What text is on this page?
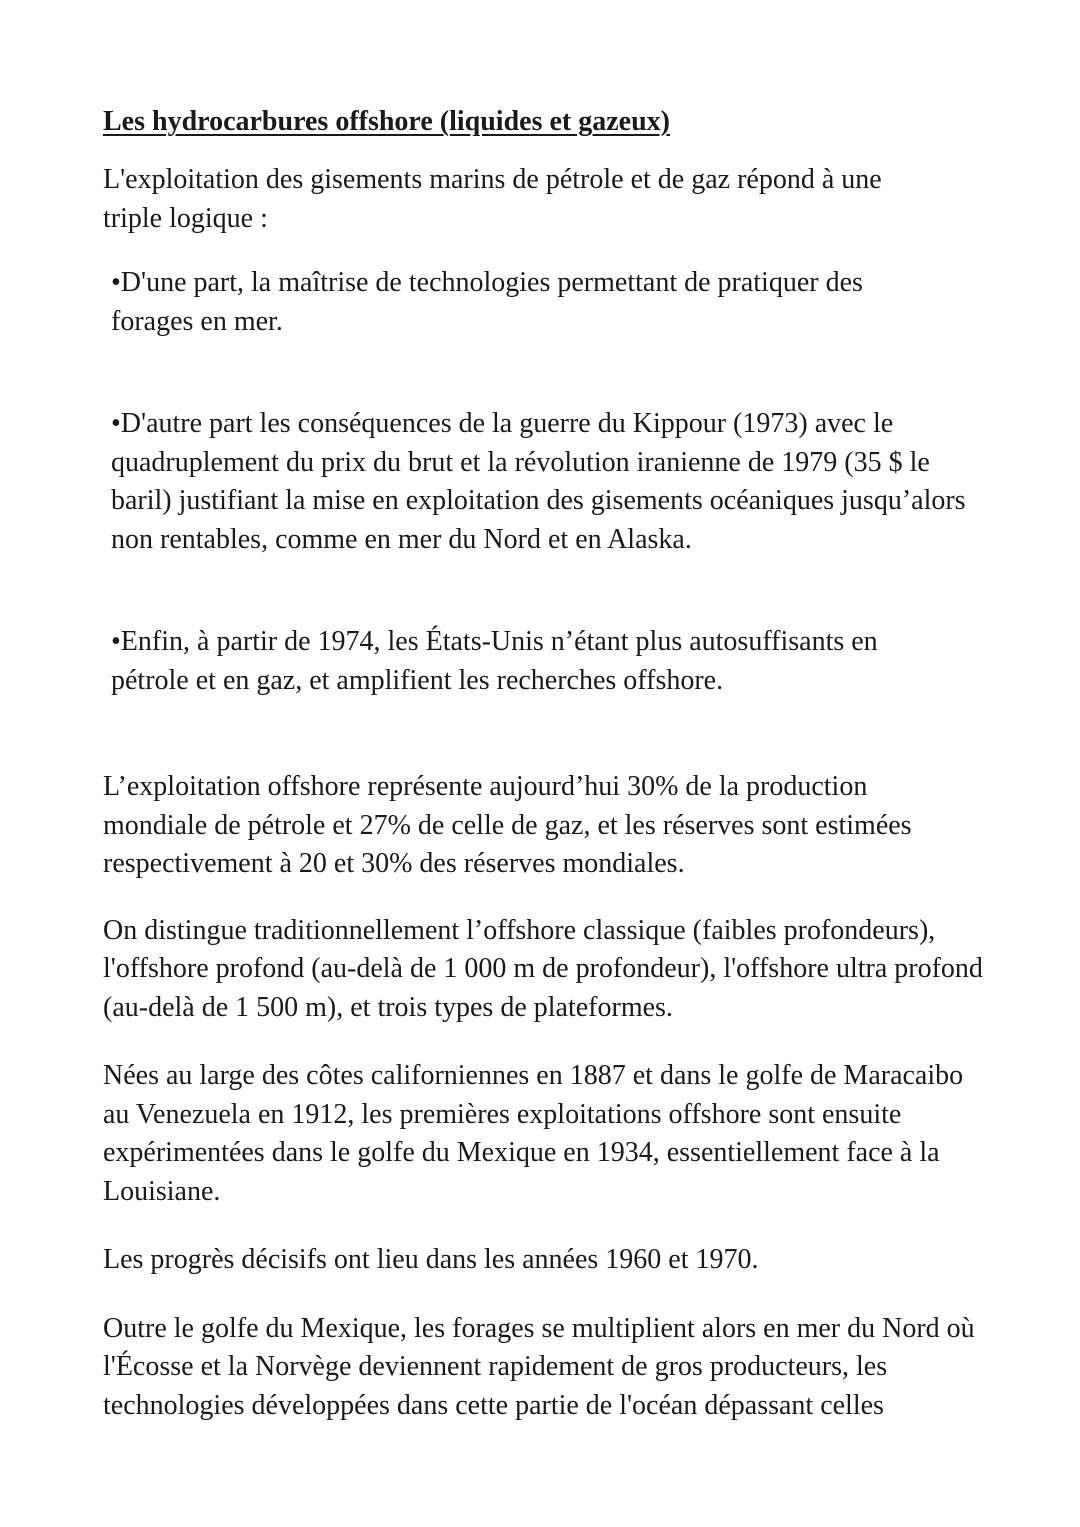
Les hydrocarbures offshore (liquides et gazeux)
L'exploitation des gisements marins de pétrole et de gaz répond à une triple logique :
•D'une part, la maîtrise de technologies permettant de pratiquer des forages en mer.
•D'autre part les conséquences de la guerre du Kippour (1973) avec le quadruplement du prix du brut et la révolution iranienne de 1979 (35 $ le baril) justifiant la mise en exploitation des gisements océaniques jusqu’alors non rentables, comme en mer du Nord et en Alaska.
•Enfin, à partir de 1974, les États-Unis n’étant plus autosuffisants en pétrole et en gaz, et amplifient les recherches offshore.
L’exploitation offshore représente aujourd’hui 30% de la production mondiale de pétrole et 27% de celle de gaz, et les réserves sont estimées respectivement à 20 et 30% des réserves mondiales.
On distingue traditionnellement l’offshore classique (faibles profondeurs), l'offshore profond (au-delà de 1 000 m de profondeur), l'offshore ultra profond (au-delà de 1 500 m), et trois types de plateformes.
Nées au large des côtes californiennes en 1887 et dans le golfe de Maracaibo au Venezuela en 1912, les premières exploitations offshore sont ensuite expérimentées dans le golfe du Mexique en 1934, essentiellement face à la Louisiane.
Les progrès décisifs ont lieu dans les années 1960 et 1970.
Outre le golfe du Mexique, les forages se multiplient alors en mer du Nord où l'Écosse et la Norvège deviennent rapidement de gros producteurs, les technologies développées dans cette partie de l'océan dépassant celles
